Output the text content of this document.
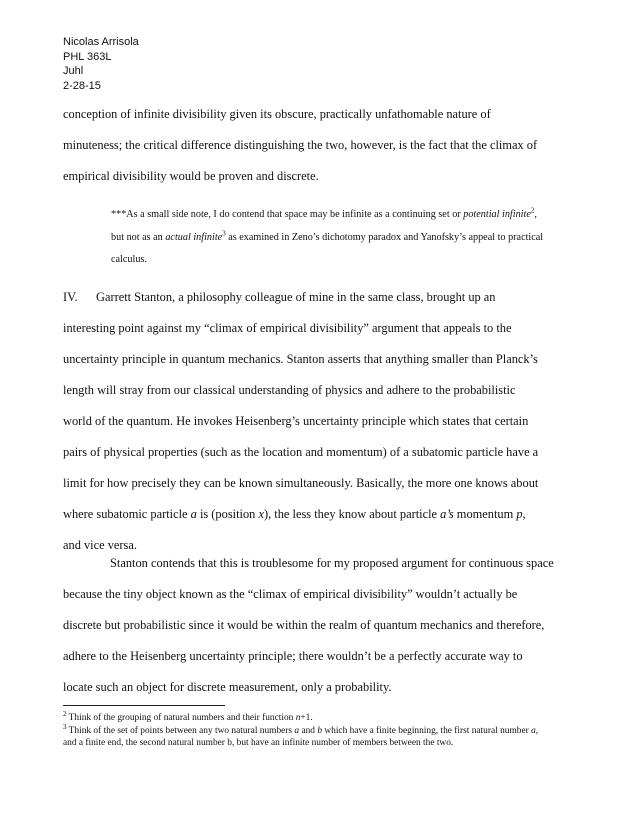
Nicolas Arrisola
PHL 363L
Juhl
2-28-15
conception of infinite divisibility given its obscure, practically unfathomable nature of
minuteness; the critical difference distinguishing the two, however, is the fact that the climax of
empirical divisibility would be proven and discrete.
***As a small side note, I do contend that space may be infinite as a continuing set or potential infinite$^2$,
but not as an actual infinite$^3$ as examined in Zeno’s dichotomy paradox and Yanofsky’s appeal to practical
calculus.
IV. Garrett Stanton, a philosophy colleague of mine in the same class, brought up an
interesting point against my “climax of empirical divisibility” argument that appeals to the
uncertainty principle in quantum mechanics. Stanton asserts that anything smaller than Planck’s
length will stray from our classical understanding of physics and adhere to the probabilistic
world of the quantum. He invokes Heisenberg’s uncertainty principle which states that certain
pairs of physical properties (such as the location and momentum) of a subatomic particle have a
limit for how precisely they can be known simultaneously. Basically, the more one knows about
where subatomic particle a is (position x), the less they know about particle a’s momentum p,
and vice versa.
Stanton contends that this is troublesome for my proposed argument for continuous space
because the tiny object known as the “climax of empirical divisibility” wouldn’t actually be
discrete but probabilistic since it would be within the realm of quantum mechanics and therefore,
adhere to the Heisenberg uncertainty principle; there wouldn’t be a perfectly accurate way to
locate such an object for discrete measurement, only a probability.
$^2$ Think of the grouping of natural numbers and their function n+1.
$^3$ Think of the set of points between any two natural numbers a and b which have a finite beginning, the first natural number a,
and a finite end, the second natural number b, but have an infinite number of members between the two.
